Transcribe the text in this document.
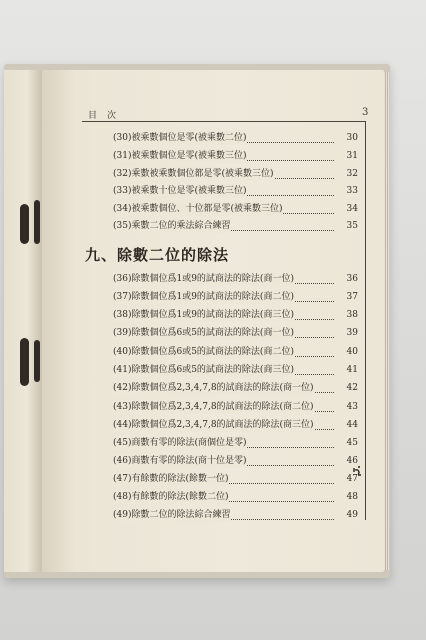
目次	3
(30)被乘數個位是零(被乘數二位)	30
(31)被乘數個位是零(被乘數三位)	31
(32)乘數被乘數個位都是零(被乘數三位)	32
(33)被乘數十位是零(被乘數三位)	33
(34)被乘數個位、十位都是零(被乘數三位)	34
(35)乘數二位的乘法綜合練習	35
九、除數二位的除法
(36)除數個位爲1或9的試商法的除法(商一位)	36
(37)除數個位爲1或9的試商法的除法(商二位)	37
(38)除數個位爲1或9的試商法的除法(商三位)	38
(39)除數個位爲6或5的試商法的除法(商一位)	39
(40)除數個位爲6或5的試商法的除法(商二位)	40
(41)除數個位爲6或5的試商法的除法(商三位)	41
(42)除數個位爲2,3,4,7,8的試商法的除法(商一位)	42
(43)除數個位爲2,3,4,7,8的試商法的除法(商二位)	43
(44)除數個位爲2,3,4,7,8的試商法的除法(商三位)	44
(45)商數有零的除法(商個位是零)	45
(46)商數有零的除法(商十位是零)	46
(47)有餘數的除法(餘數一位)	47
(48)有餘數的除法(餘數二位)	48
(49)除數二位的除法綜合練習	49
